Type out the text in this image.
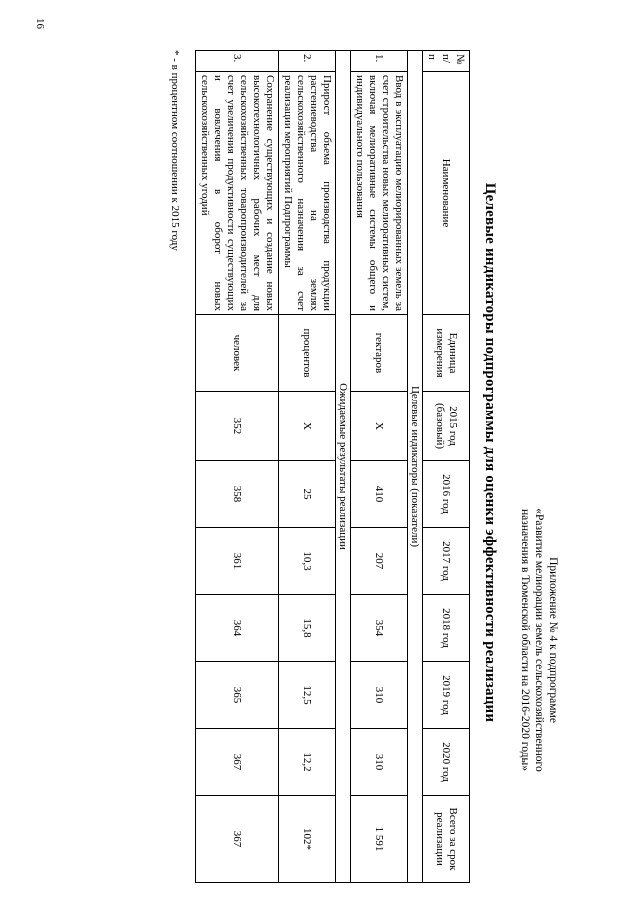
16
Приложение № 4 к подпрограмме
«Развитие мелиорации земель сельскохозяйственного
назначения в Тюменской области на 2016-2020 годы»
Целевые индикаторы подпрограммы для оценки эффективности реализации
№
п/
п	Наименование	Единица измерения	2015 год (базовый)	2016 год	2017 год	2018 год	2019 год	2020 год	Всего за срок реализации
Целевые индикаторы (показатели)									
1.	Ввод в эксплуатацию мелиорированных земель за счет строительства новых мелиоративных систем, включая мелиоративные системы общего и индивидуального пользования	гектаров	Х	410	207	354	310	310	1 591
Ожидаемые результаты реализации									
2.	Прирост объема производства продукции растениеводства на землях сельскохозяйственного назначения за счет реализации мероприятий Подпрограммы	процентов	Х	25	10,3	15,8	12,5	12,2	102*
3.	Сохранение существующих и создание новых высокотехнологичных рабочих мест для сельскохозяйственных товаропроизводителей за счет увеличения продуктивности существующих и вовлечения в оборот новых сельскохозяйственных угодий	человек	352	358	361	364	365	367	367
* - в процентном соотношении к 2015 году
